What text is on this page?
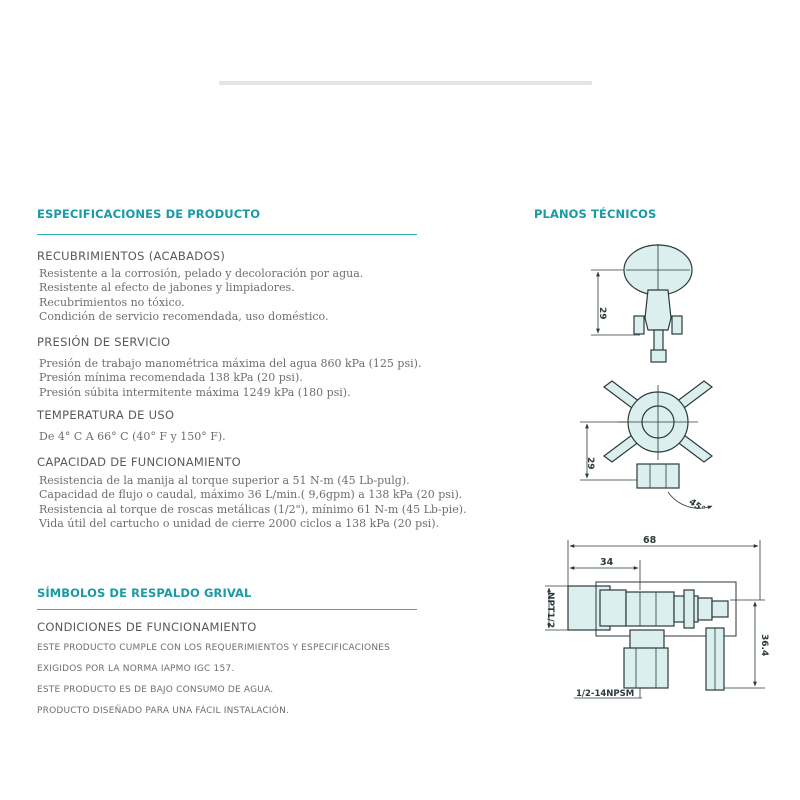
ESPECIFICACIONES DE PRODUCTO
RECUBRIMIENTOS (ACABADOS)
Resistente a la corrosión, pelado y decoloración por agua.
Resistente al efecto de jabones y limpiadores.
Recubrimientos no tóxico.
Condición de servicio recomendada, uso doméstico.
PRESIÓN DE SERVICIO
Presión de trabajo manométrica máxima del agua 860 kPa (125 psi).
Presión mínima recomendada 138 kPa (20 psi).
Presión súbita intermitente máxima 1249 kPa (180 psi).
TEMPERATURA DE USO
De 4° C A 66° C (40° F y 150° F).
CAPACIDAD DE FUNCIONAMIENTO
Resistencia de la manija al torque superior a 51 N-m (45 Lb-pulg).
Capacidad de flujo o caudal, máximo 36 L/min.( 9,6gpm) a 138 kPa (20 psi).
Resistencia al torque de roscas metálicas (1/2"), mínimo 61 N-m (45 Lb-pie).
Vida útil del cartucho o unidad de cierre 2000 ciclos a 138 kPa (20 psi).
SÍMBOLOS DE RESPALDO GRIVAL
CONDICIONES DE FUNCIONAMIENTO
ESTE PRODUCTO CUMPLE CON LOS REQUERIMIENTOS Y ESPECIFICACIONES
EXIGIDOS POR LA NORMA IAPMO IGC 157.
ESTE PRODUCTO ES DE BAJO CONSUMO DE AGUA.
PRODUCTO DISEÑADO PARA UNA FÁCIL INSTALACIÓN.
PLANOS TÉCNICOS
29
29
45°
68
34
NPT1/2
36.4
1/2-14NPSM
